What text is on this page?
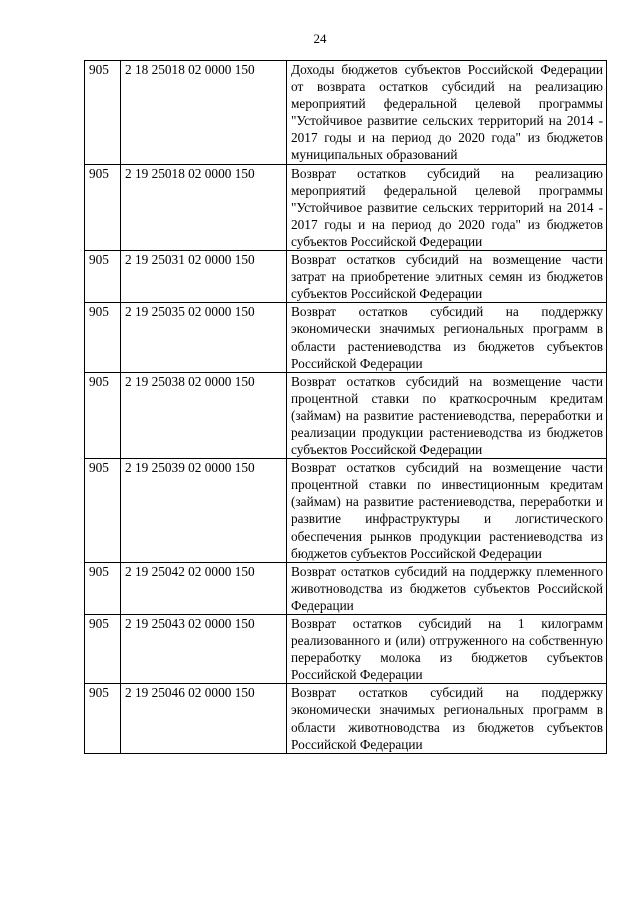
24
905	2 18 25018 02 0000 150	Доходы бюджетов субъектов Российской Федерации от возврата остатков субсидий на реализацию мероприятий федеральной целевой программы "Устойчивое развитие сельских территорий на 2014 - 2017 годы и на период до 2020 года" из бюджетов муниципальных образований
905	2 19 25018 02 0000 150	Возврат остатков субсидий на реализацию мероприятий федеральной целевой программы "Устойчивое развитие сельских территорий на 2014 - 2017 годы и на период до 2020 года" из бюджетов субъектов Российской Федерации
905	2 19 25031 02 0000 150	Возврат остатков субсидий на возмещение части затрат на приобретение элитных семян из бюджетов субъектов Российской Федерации
905	2 19 25035 02 0000 150	Возврат остатков субсидий на поддержку экономически значимых региональных программ в области растениеводства из бюджетов субъектов Российской Федерации
905	2 19 25038 02 0000 150	Возврат остатков субсидий на возмещение части процентной ставки по краткосрочным кредитам (займам) на развитие растениеводства, переработки и реализации продукции растениеводства из бюджетов субъектов Российской Федерации
905	2 19 25039 02 0000 150	Возврат остатков субсидий на возмещение части процентной ставки по инвестиционным кредитам (займам) на развитие растениеводства, переработки и развитие инфраструктуры и логистического обеспечения рынков продукции растениеводства из бюджетов субъектов Российской Федерации
905	2 19 25042 02 0000 150	Возврат остатков субсидий на поддержку племенного животноводства из бюджетов субъектов Российской Федерации
905	2 19 25043 02 0000 150	Возврат остатков субсидий на 1 килограмм реализованного и (или) отгруженного на собственную переработку молока из бюджетов субъектов Российской Федерации
905	2 19 25046 02 0000 150	Возврат остатков субсидий на поддержку экономически значимых региональных программ в области животноводства из бюджетов субъектов Российской Федерации
